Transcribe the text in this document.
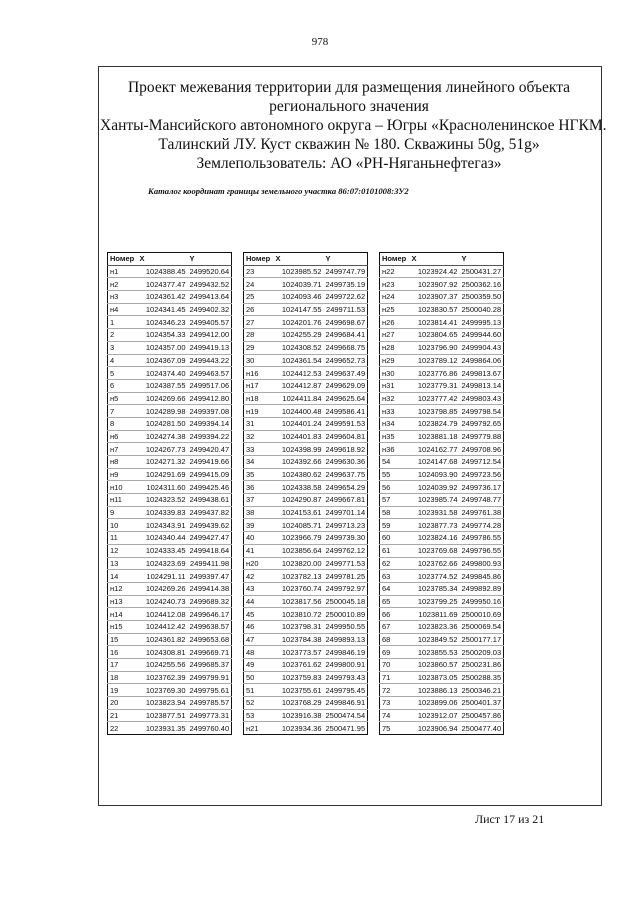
978
Проект межевания территории для размещения линейного объекта
регионального значения
Ханты-Мансийского автономного округа – Югры «Красноленинское НГКМ.
Талинский ЛУ. Куст скважин № 180. Скважины 50g, 51g»
Землепользователь: АО «РН-Няганьнефтегаз»
Каталог координат границы земельного участка 86:07:0101008:ЗУ2
Номер	X	Y
н1	1024388.45	2499520.64
н2	1024377.47	2499432.52
н3	1024361.42	2499413.64
н4	1024341.45	2499402.32
1	1024346.23	2499405.57
2	1024354.33	2499412.00
3	1024357.00	2499419.13
4	1024367.09	2499443.22
5	1024374.40	2499463.57
6	1024387.55	2499517.06
н5	1024269.66	2499412.80
7	1024289.98	2499397.08
8	1024281.50	2499394.14
н6	1024274.38	2499394.22
н7	1024267.73	2499420.47
н8	1024271.32	2499419.66
н9	1024291.69	2499415.09
н10	1024311.60	2499425.46
н11	1024323.52	2499438.61
9	1024339.83	2499437.82
10	1024343.91	2499439.62
11	1024340.44	2499427.47
12	1024333.45	2499418.64
13	1024323.69	2499411.98
14	1024291.11	2499397.47
н12	1024269.26	2499414.38
н13	1024240.73	2499689.32
н14	1024412.08	2499646.17
н15	1024412.42	2499638.57
15	1024361.82	2499653.68
16	1024308.81	2499669.71
17	1024255.56	2499685.37
18	1023762.39	2499799.91
19	1023769.30	2499795.61
20	1023823.94	2499785.57
21	1023877.51	2499773.31
22	1023931.35	2499760.40
Номер	X	Y
23	1023985.52	2499747.79
24	1024039.71	2499735.19
25	1024093.46	2499722.62
26	1024147.55	2499711.53
27	1024201.76	2499698.67
28	1024255.29	2499684.41
29	1024308.52	2499668.75
30	1024361.54	2499652.73
н16	1024412.53	2499637.49
н17	1024412.87	2499629.09
н18	1024411.84	2499625.64
н19	1024400.48	2499586.41
31	1024401.24	2499591.53
32	1024401.83	2499604.81
33	1024398.99	2499618.92
34	1024392.66	2499630.36
35	1024380.62	2499637.75
36	1024338.58	2499654.29
37	1024290.87	2499667.81
38	1024153.61	2499701.14
39	1024085.71	2499713.23
40	1023966.79	2499739.30
41	1023856.64	2499762.12
н20	1023820.00	2499771.53
42	1023782.13	2499781.25
43	1023760.74	2499792.97
44	1023817.56	2500045.18
45	1023810.72	2500010.89
46	1023798.31	2499950.55
47	1023784.38	2499893.13
48	1023773.57	2499846.19
49	1023761.62	2499800.91
50	1023759.83	2499793.43
51	1023755.61	2499795.45
52	1023768.29	2499846.91
53	1023916.38	2500474.54
н21	1023934.36	2500471.95
Номер	X	Y
н22	1023924.42	2500431.27
н23	1023907.92	2500362.16
н24	1023907.37	2500359.50
н25	1023830.57	2500040.28
н26	1023814.41	2499995.13
н27	1023804.65	2499944.60
н28	1023796.90	2499904.43
н29	1023789.12	2499864.06
н30	1023776.86	2499813.67
н31	1023779.31	2499813.14
н32	1023777.42	2499803.43
н33	1023798.85	2499798.54
н34	1023824.79	2499792.65
н35	1023881.18	2499779.88
н36	1024162.77	2499708.96
54	1024147.68	2499712.54
55	1024093.90	2499723.56
56	1024039.92	2499736.17
57	1023985.74	2499748.77
58	1023931.58	2499761.38
59	1023877.73	2499774.28
60	1023824.16	2499786.55
61	1023769.68	2499796.55
62	1023762.66	2499800.93
63	1023774.52	2499845.86
64	1023785.34	2499892.89
65	1023799.25	2499950.16
66	1023811.69	2500010.69
67	1023823.36	2500069.54
68	1023849.52	2500177.17
69	1023855.53	2500209.03
70	1023860.57	2500231.86
71	1023873.05	2500288.35
72	1023886.13	2500346.21
73	1023899.06	2500401.37
74	1023912.07	2500457.86
75	1023906.94	2500477.40
Лист 17 из 21
